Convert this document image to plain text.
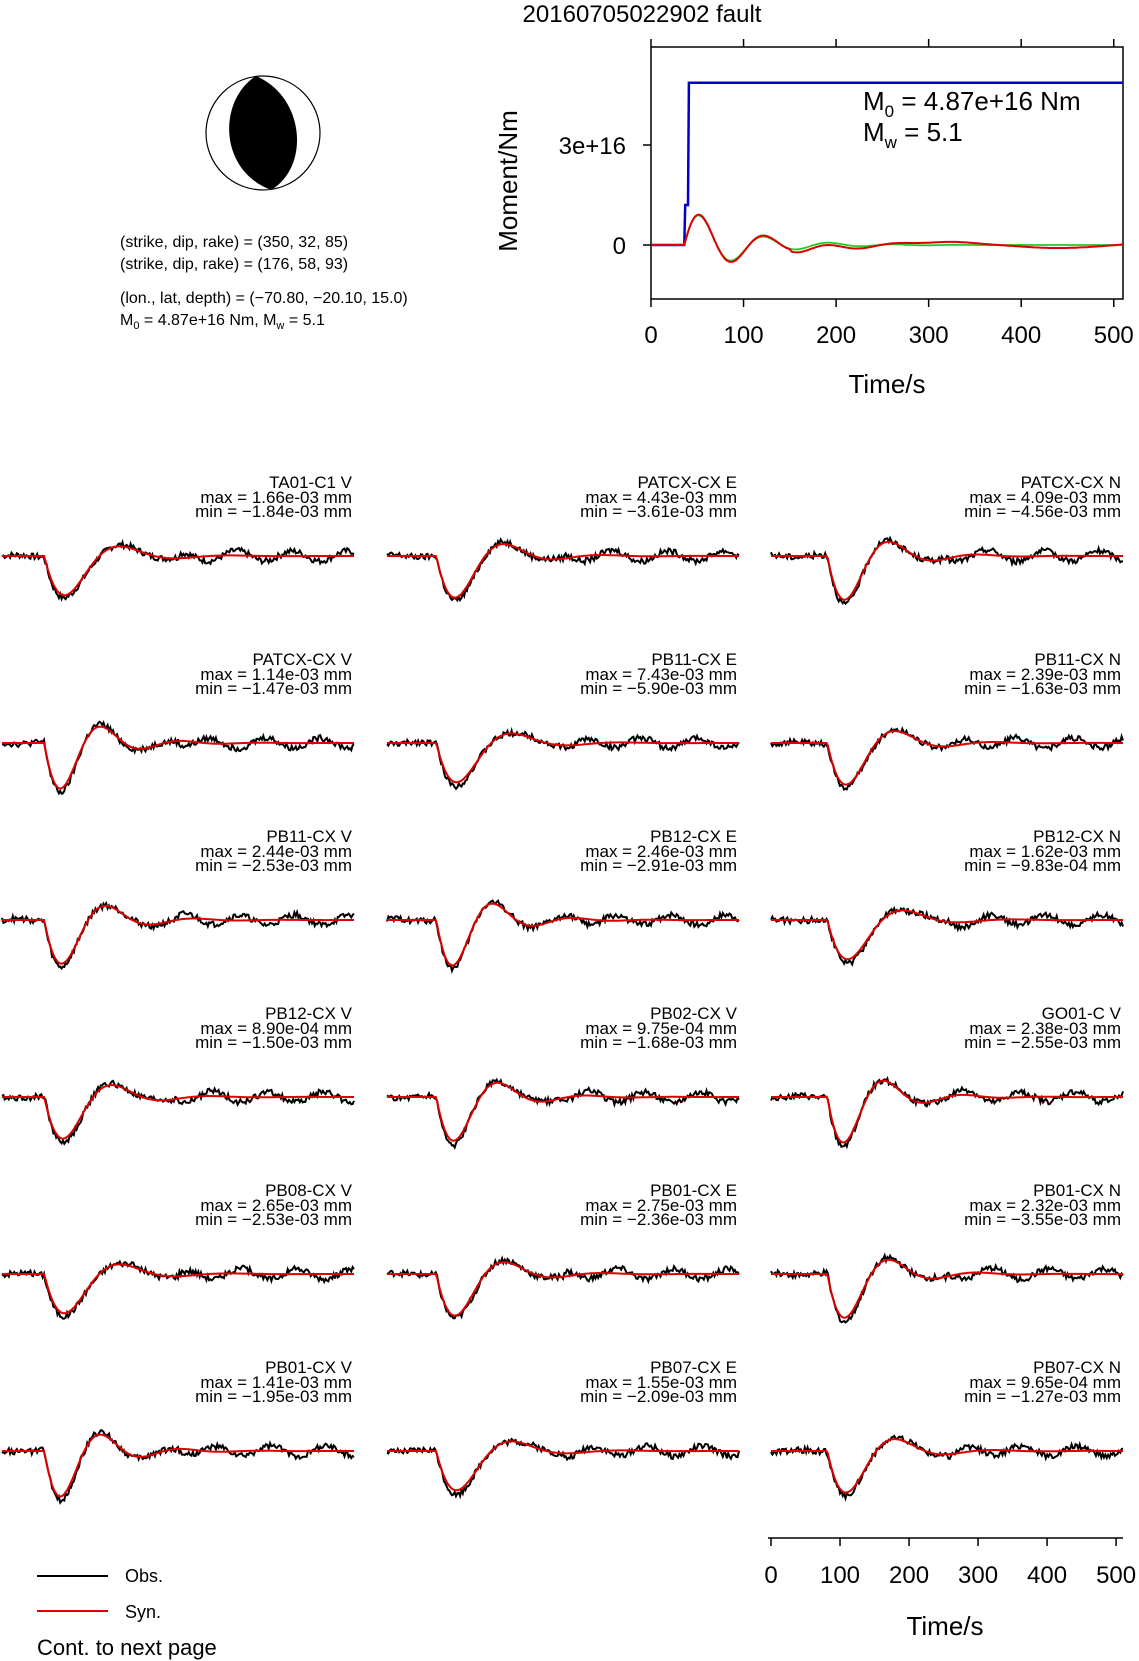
20160705022902 fault
(strike, dip, rake) = (350, 32, 85)
(strike, dip, rake) = (176, 58, 93)
(lon., lat, depth) = (−70.80, −20.10, 15.0)
$M_0 = 4.87e+16$ Nm, $M_w = 5.1$
0	100 200 300 400 500
0
3e+16
Moment/Nm
Time/s
$M_0 = 4.87e+16$ Nm
$M_w = 5.1$
TA01-C1 V
max = 1.66e-03 mm
min = −1.84e-03 mm
PATCX-CX E
max = 4.43e-03 mm
min = −3.61e-03 mm
PATCX-CX N
max = 4.09e-03 mm
min = −4.56e-03 mm
PATCX-CX V
max = 1.14e-03 mm
min = −1.47e-03 mm
PB11-CX E
max = 7.43e-03 mm
min = −5.90e-03 mm
PB11-CX N
max = 2.39e-03 mm
min = −1.63e-03 mm
PB11-CX V
max = 2.44e-03 mm
min = −2.53e-03 mm
PB12-CX E
max = 2.46e-03 mm
min = −2.91e-03 mm
PB12-CX N
max = 1.62e-03 mm
min = −9.83e-04 mm
PB12-CX V
max = 8.90e-04 mm
min = −1.50e-03 mm
PB02-CX V
max = 9.75e-04 mm
min = −1.68e-03 mm
GO01-C V
max = 2.38e-03 mm
min = −2.55e-03 mm
PB08-CX V
max = 2.65e-03 mm
min = −2.53e-03 mm
PB01-CX E
max = 2.75e-03 mm
min = −2.36e-03 mm
PB01-CX N
max = 2.32e-03 mm
min = −3.55e-03 mm
PB01-CX V
max = 1.41e-03 mm
min = −1.95e-03 mm
PB07-CX E
max = 1.55e-03 mm
min = −2.09e-03 mm
PB07-CX N
max = 9.65e-04 mm
min = −1.27e-03 mm
Time/s
0 100 200 300 400 500
Obs.
Syn.
Cont. to next page
